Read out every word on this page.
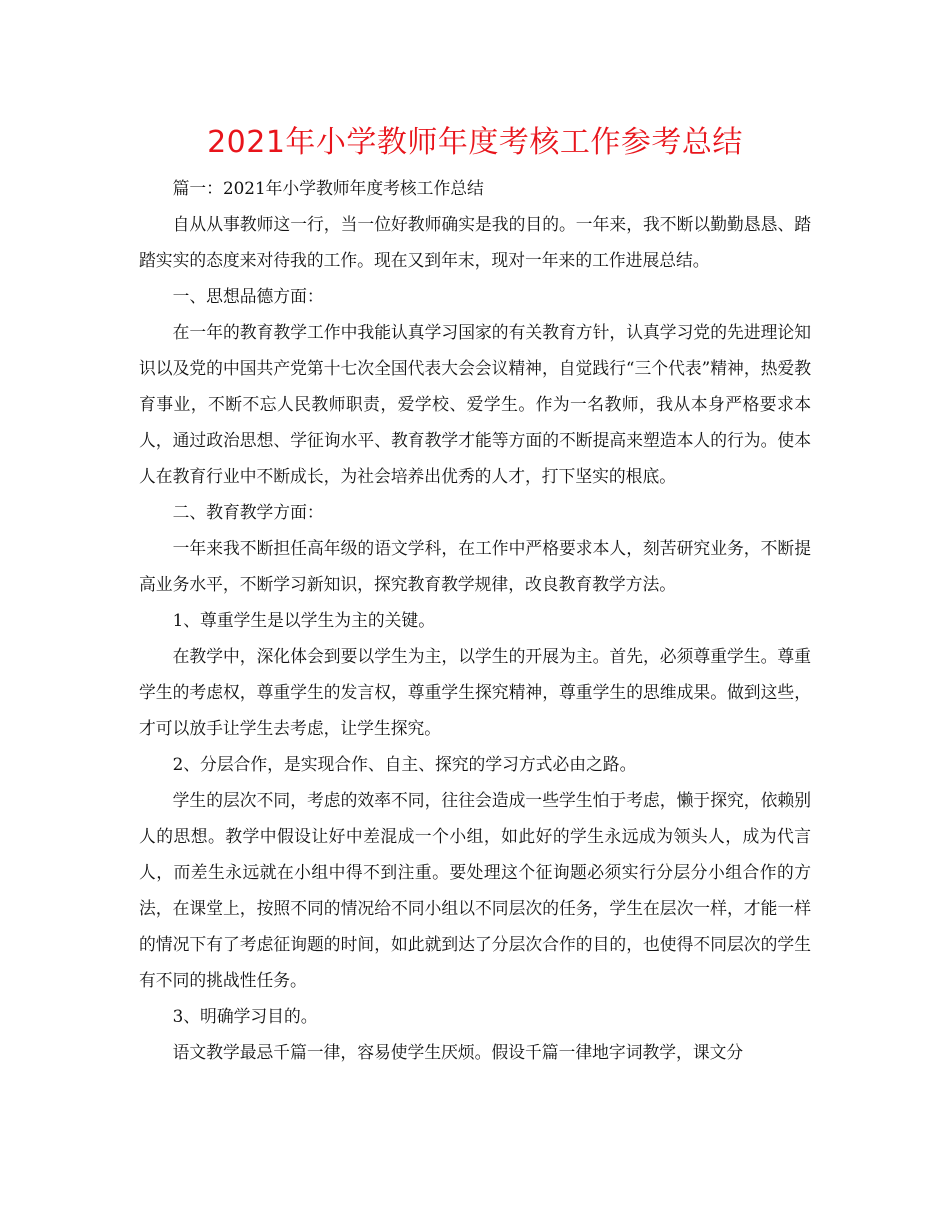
2021年小学教师年度考核工作参考总结

篇一：2021年小学教师年度考核工作总结

自从从事教师这一行，当一位好教师确实是我的目的。一年来，我不断以勤勤恳恳、踏踏实实的态度来对待我的工作。现在又到年末，现对一年来的工作进展总结。

一、思想品德方面：

在一年的教育教学工作中我能认真学习国家的有关教育方针，认真学习党的先进理论知识以及党的中国共产党第十七次全国代表大会会议精神，自觉践行“三个代表”精神，热爱教育事业，不断不忘人民教师职责，爱学校、爱学生。作为一名教师，我从本身严格要求本人，通过政治思想、学征询水平、教育教学才能等方面的不断提高来塑造本人的行为。使本人在教育行业中不断成长，为社会培养出优秀的人才，打下坚实的根底。

二、教育教学方面：

一年来我不断担任高年级的语文学科，在工作中严格要求本人，刻苦研究业务，不断提高业务水平，不断学习新知识，探究教育教学规律，改良教育教学方法。

1、尊重学生是以学生为主的关键。

在教学中，深化体会到要以学生为主，以学生的开展为主。首先，必须尊重学生。尊重学生的考虑权，尊重学生的发言权，尊重学生探究精神，尊重学生的思维成果。做到这些，才可以放手让学生去考虑，让学生探究。

2、分层合作，是实现合作、自主、探究的学习方式必由之路。

学生的层次不同，考虑的效率不同，往往会造成一些学生怕于考虑，懒于探究，依赖别人的思想。教学中假设让好中差混成一个小组，如此好的学生永远成为领头人，成为代言人，而差生永远就在小组中得不到注重。要处理这个征询题必须实行分层分小组合作的方法，在课堂上，按照不同的情况给不同小组以不同层次的任务，学生在层次一样，才能一样的情况下有了考虑征询题的时间，如此就到达了分层次合作的目的，也使得不同层次的学生有不同的挑战性任务。

3、明确学习目的。

语文教学最忌千篇一律，容易使学生厌烦。假设千篇一律地字词教学，课文分
